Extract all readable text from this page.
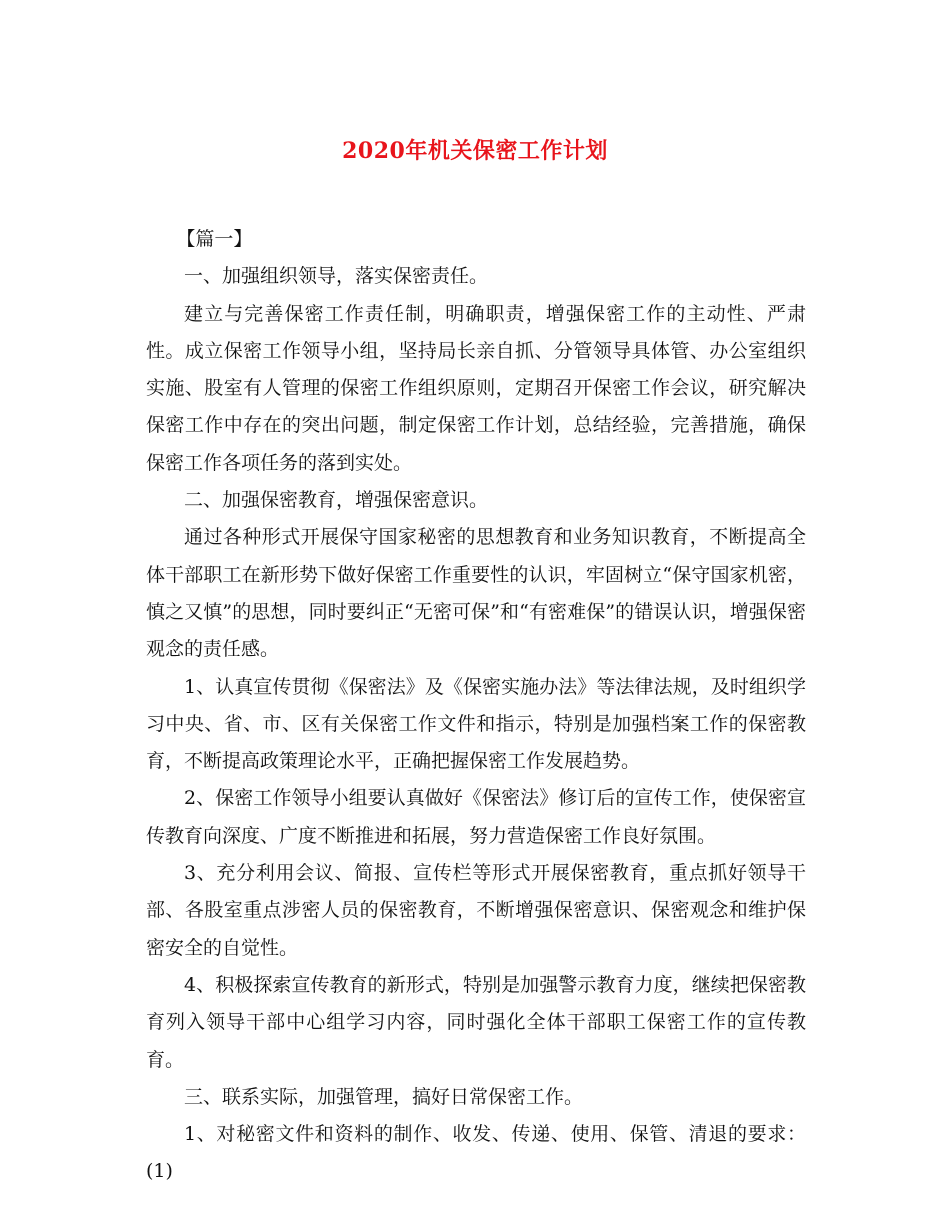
2020年机关保密工作计划

【篇一】

一、加强组织领导，落实保密责任。

建立与完善保密工作责任制，明确职责，增强保密工作的主动性、严肃性。成立保密工作领导小组，坚持局长亲自抓、分管领导具体管、办公室组织实施、股室有人管理的保密工作组织原则，定期召开保密工作会议，研究解决保密工作中存在的突出问题，制定保密工作计划，总结经验，完善措施，确保保密工作各项任务的落到实处。

二、加强保密教育，增强保密意识。

通过各种形式开展保守国家秘密的思想教育和业务知识教育，不断提高全体干部职工在新形势下做好保密工作重要性的认识，牢固树立“保守国家机密，慎之又慎”的思想，同时要纠正“无密可保”和“有密难保”的错误认识，增强保密观念的责任感。

1、认真宣传贯彻《保密法》及《保密实施办法》等法律法规，及时组织学习中央、省、市、区有关保密工作文件和指示，特别是加强档案工作的保密教育，不断提高政策理论水平，正确把握保密工作发展趋势。

2、保密工作领导小组要认真做好《保密法》修订后的宣传工作，使保密宣传教育向深度、广度不断推进和拓展，努力营造保密工作良好氛围。

3、充分利用会议、简报、宣传栏等形式开展保密教育，重点抓好领导干部、各股室重点涉密人员的保密教育，不断增强保密意识、保密观念和维护保密安全的自觉性。

4、积极探索宣传教育的新形式，特别是加强警示教育力度，继续把保密教育列入领导干部中心组学习内容，同时强化全体干部职工保密工作的宣传教育。

三、联系实际，加强管理，搞好日常保密工作。

1、对秘密文件和资料的制作、收发、传递、使用、保管、清退的要求：(1)
